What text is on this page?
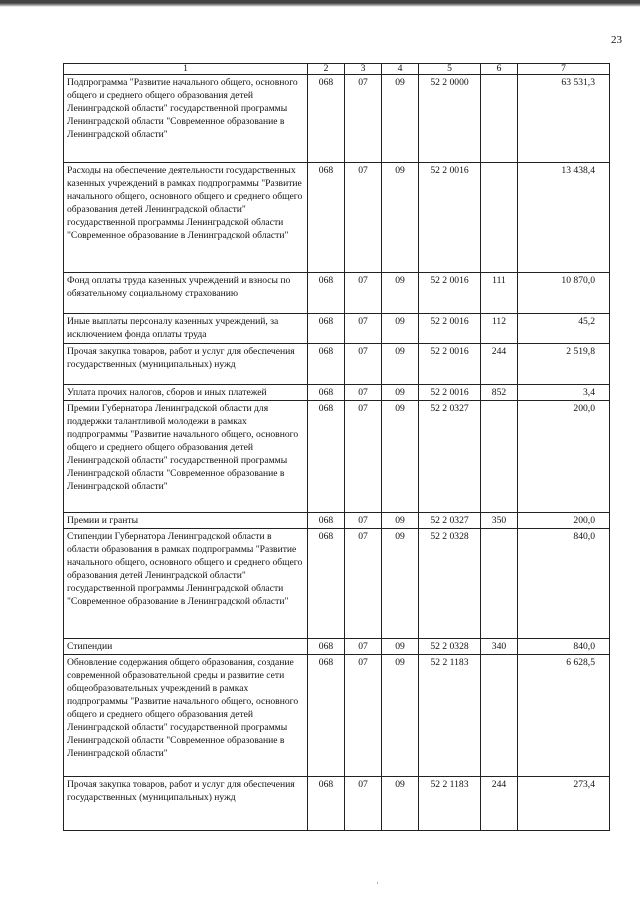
23
1	2	3	4	5	6	7
Подпрограмма "Развитие начального общего, основного общего и среднего общего образования детей Ленинградской области" государственной программы Ленинградской области "Современное образование в Ленинградской области"	068	07	09	52 2 0000		63 531,3
Расходы на обеспечение деятельности государственных казенных учреждений в рамках подпрограммы "Развитие начального общего, основного общего и среднего общего образования детей Ленинградской области" государственной программы Ленинградской области "Современное образование в Ленинградской области"	068	07	09	52 2 0016		13 438,4
Фонд оплаты труда казенных учреждений и взносы по обязательному социальному страхованию	068	07	09	52 2 0016	111	10 870,0
Иные выплаты персоналу казенных учреждений, за исключением фонда оплаты труда	068	07	09	52 2 0016	112	45,2
Прочая закупка товаров, работ и услуг для обеспечения государственных (муниципальных) нужд	068	07	09	52 2 0016	244	2 519,8
Уплата прочих налогов, сборов и иных платежей	068	07	09	52 2 0016	852	3,4
Премии Губернатора Ленинградской области для поддержки талантливой молодежи в рамках подпрограммы "Развитие начального общего, основного общего и среднего общего образования детей Ленинградской области" государственной программы Ленинградской области "Современное образование в Ленинградской области"	068	07	09	52 2 0327		200,0
Премии и гранты	068	07	09	52 2 0327	350	200,0
Стипендии Губернатора Ленинградской области в области образования в рамках подпрограммы "Развитие начального общего, основного общего и среднего общего образования детей Ленинградской области" государственной программы Ленинградской области "Современное образование в Ленинградской области"	068	07	09	52 2 0328		840,0
Стипендии	068	07	09	52 2 0328	340	840,0
Обновление содержания общего образования, создание современной образовательной среды и развитие сети общеобразовательных учреждений в рамках подпрограммы "Развитие начального общего, основного общего и среднего общего образования детей Ленинградской области" государственной программы Ленинградской области "Современное образование в Ленинградской области"	068	07	09	52 2 1183		6 628,5
Прочая закупка товаров, работ и услуг для обеспечения государственных (муниципальных) нужд	068	07	09	52 2 1183	244	273,4
·
